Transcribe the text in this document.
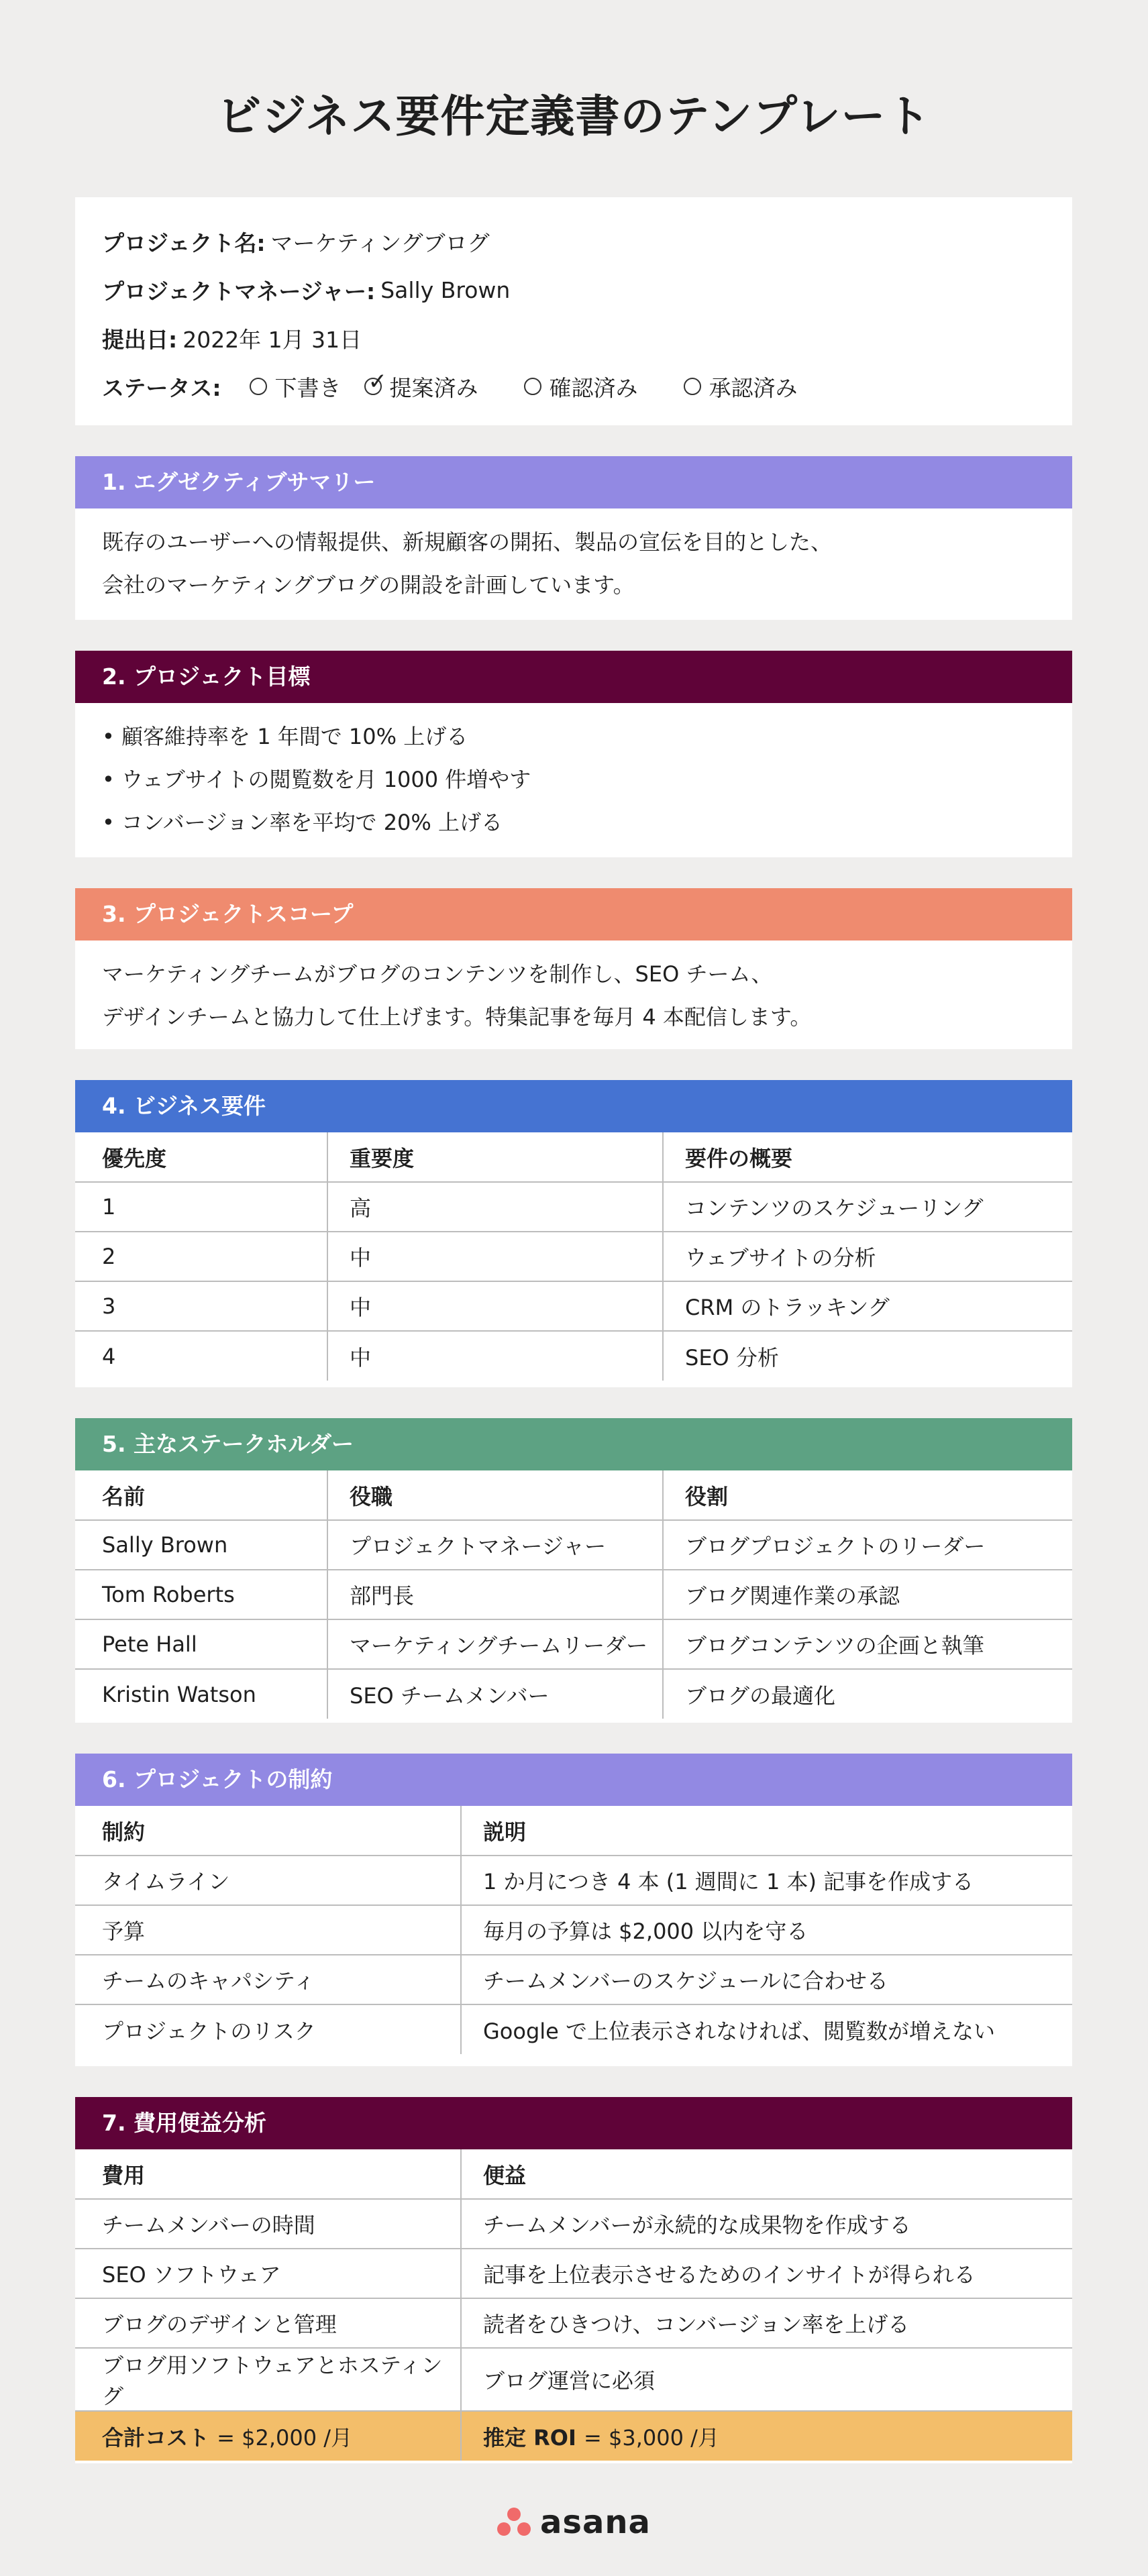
ビジネス要件定義書のテンプレート
プロジェクト名: マーケティングブログ
プロジェクトマネージャー: Sally Brown
提出日: 2022年 1月 31日
ステータス: 下書き ✓ 提案済み	確認済み	承認済み
1. エグゼクティブサマリー
既存のユーザーへの情報提供、新規顧客の開拓、製品の宣伝を目的とした、
会社のマーケティングブログの開設を計画しています。
2. プロジェクト目標
• 顧客維持率を 1 年間で 10% 上げる
• ウェブサイトの閲覧数を月 1000 件増やす
• コンバージョン率を平均で 20% 上げる
3. プロジェクトスコープ
マーケティングチームがブログのコンテンツを制作し、SEO チーム、
デザインチームと協力して仕上げます。特集記事を毎月 4 本配信します。
4. ビジネス要件
優先度	重要度	要件の概要
1	高	コンテンツのスケジューリング
2	中	ウェブサイトの分析
3	中	CRM のトラッキング
4	中	SEO 分析
5. 主なステークホルダー
名前	役職	役割
Sally Brown	プロジェクトマネージャー	ブログプロジェクトのリーダー
Tom Roberts	部門長	ブログ関連作業の承認
Pete Hall	マーケティングチームリーダー	ブログコンテンツの企画と執筆
Kristin Watson	SEO チームメンバー	ブログの最適化
6. プロジェクトの制約
制約	説明
タイムライン	1 か月につき 4 本 (1 週間に 1 本) 記事を作成する
予算	毎月の予算は $2,000 以内を守る
チームのキャパシティ	チームメンバーのスケジュールに合わせる
プロジェクトのリスク	Google で上位表示されなければ、閲覧数が増えない
7. 費用便益分析
費用	便益
チームメンバーの時間	チームメンバーが永続的な成果物を作成する
SEO ソフトウェア	記事を上位表示させるためのインサイトが得られる
ブログのデザインと管理	読者をひきつけ、コンバージョン率を上げる
ブログ用ソフトウェアとホスティング	ブログ運営に必須
合計コスト = $2,000 /月	推定 ROI = $3,000 /月
asana
